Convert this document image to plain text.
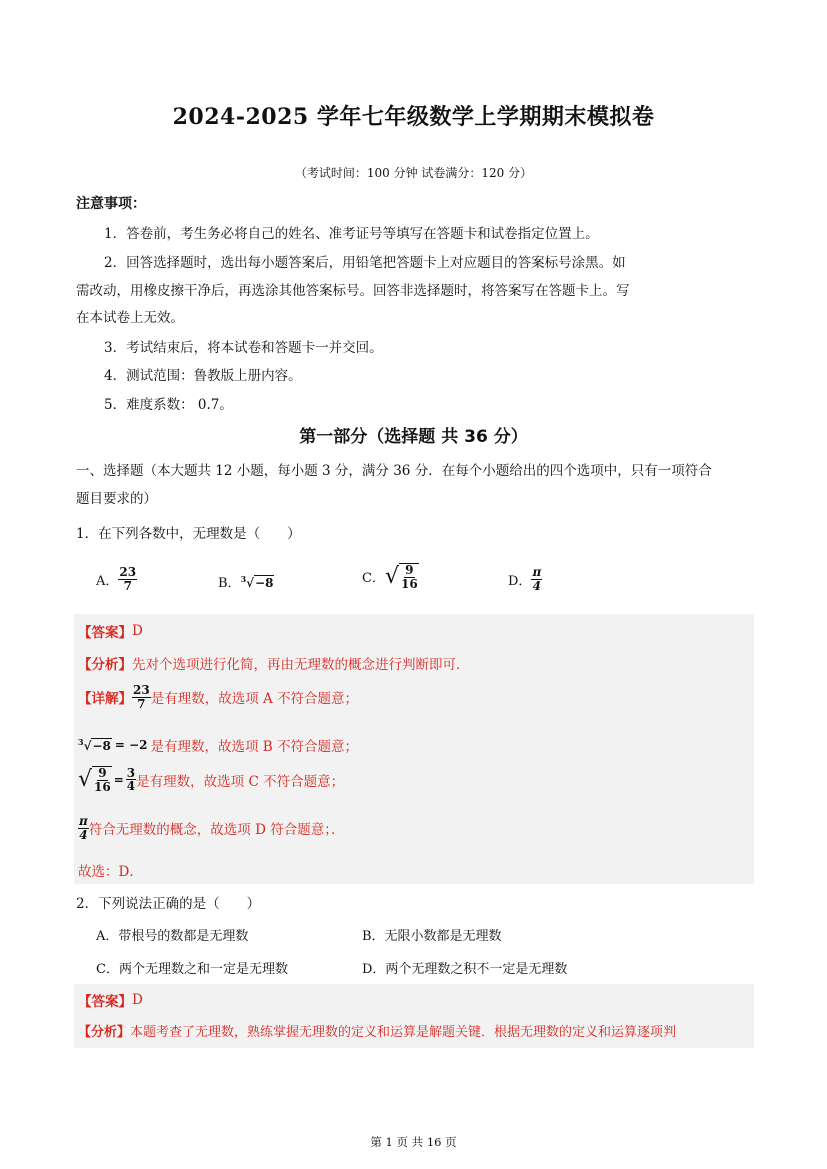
2024-2025 学年七年级数学上学期期末模拟卷
（考试时间：100 分钟 试卷满分：120 分）
注意事项：
1．答卷前，考生务必将自己的姓名、准考证号等填写在答题卡和试卷指定位置上。
2．回答选择题时，选出每小题答案后，用铅笔把答题卡上对应题目的答案标号涂黑。如
需改动，用橡皮擦干净后，再选涂其他答案标号。回答非选择题时，将答案写在答题卡上。写
在本试卷上无效。
3．考试结束后，将本试卷和答题卡一并交回。
4．测试范围：鲁教版上册内容。
5．难度系数： 0.7。
第一部分（选择题 共 36 分）
一、选择题（本大题共 12 小题，每小题 3 分，满分 36 分．在每个小题给出的四个选项中，只有一项符合
题目要求的）
1．在下列各数中，无理数是（　　）
A． $\frac{23}{7}$	B． $^3$√−8	C． √ $\frac{9}{16}$	D． $\frac{\pi}{4}$
【答案】 D
【分析】 先对个选项进行化简，再由无理数的概念进行判断即可．
【详解】 $\frac{23}{7}$ 是有理数，故选项 A 不符合题意；
$^3$√−8 = −2 是有理数，故选项 B 不符合题意；
√ $\frac{9}{16} = \frac{3}{4}$ 是有理数，故选项 C 不符合题意；
$\frac{\pi}{4}$ 符合无理数的概念，故选项 D 符合题意；．
故选：D．
2．下列说法正确的是（　　）
A．带根号的数都是无理数	B．无限小数都是无理数
C．两个无理数之和一定是无理数	D．两个无理数之积不一定是无理数
【答案】 D
【分析】 本题考查了无理数，熟练掌握无理数的定义和运算是解题关键．根据无理数的定义和运算逐项判
第 1 页 共 16 页
